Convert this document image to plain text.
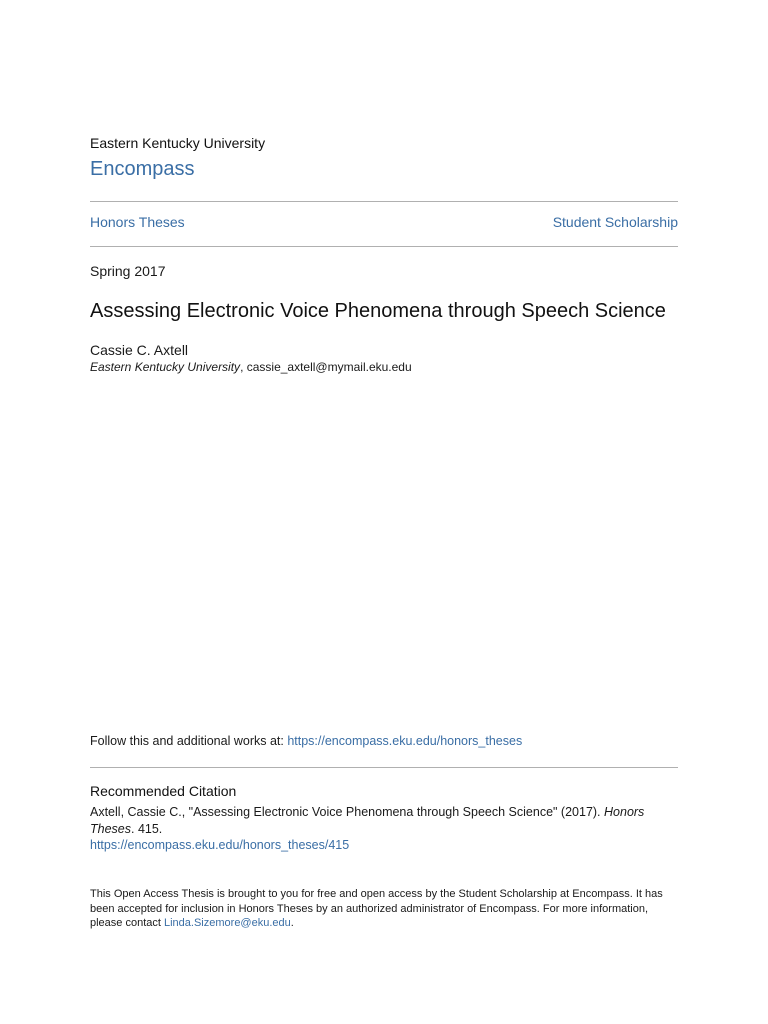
Eastern Kentucky University
Encompass
Honors Theses	Student Scholarship
Spring 2017
Assessing Electronic Voice Phenomena through Speech Science
Cassie C. Axtell
Eastern Kentucky University, cassie_axtell@mymail.eku.edu
Follow this and additional works at: https://encompass.eku.edu/honors_theses
Recommended Citation
Axtell, Cassie C., "Assessing Electronic Voice Phenomena through Speech Science" (2017). Honors Theses. 415.
https://encompass.eku.edu/honors_theses/415
This Open Access Thesis is brought to you for free and open access by the Student Scholarship at Encompass. It has been accepted for inclusion in Honors Theses by an authorized administrator of Encompass. For more information, please contact Linda.Sizemore@eku.edu.
